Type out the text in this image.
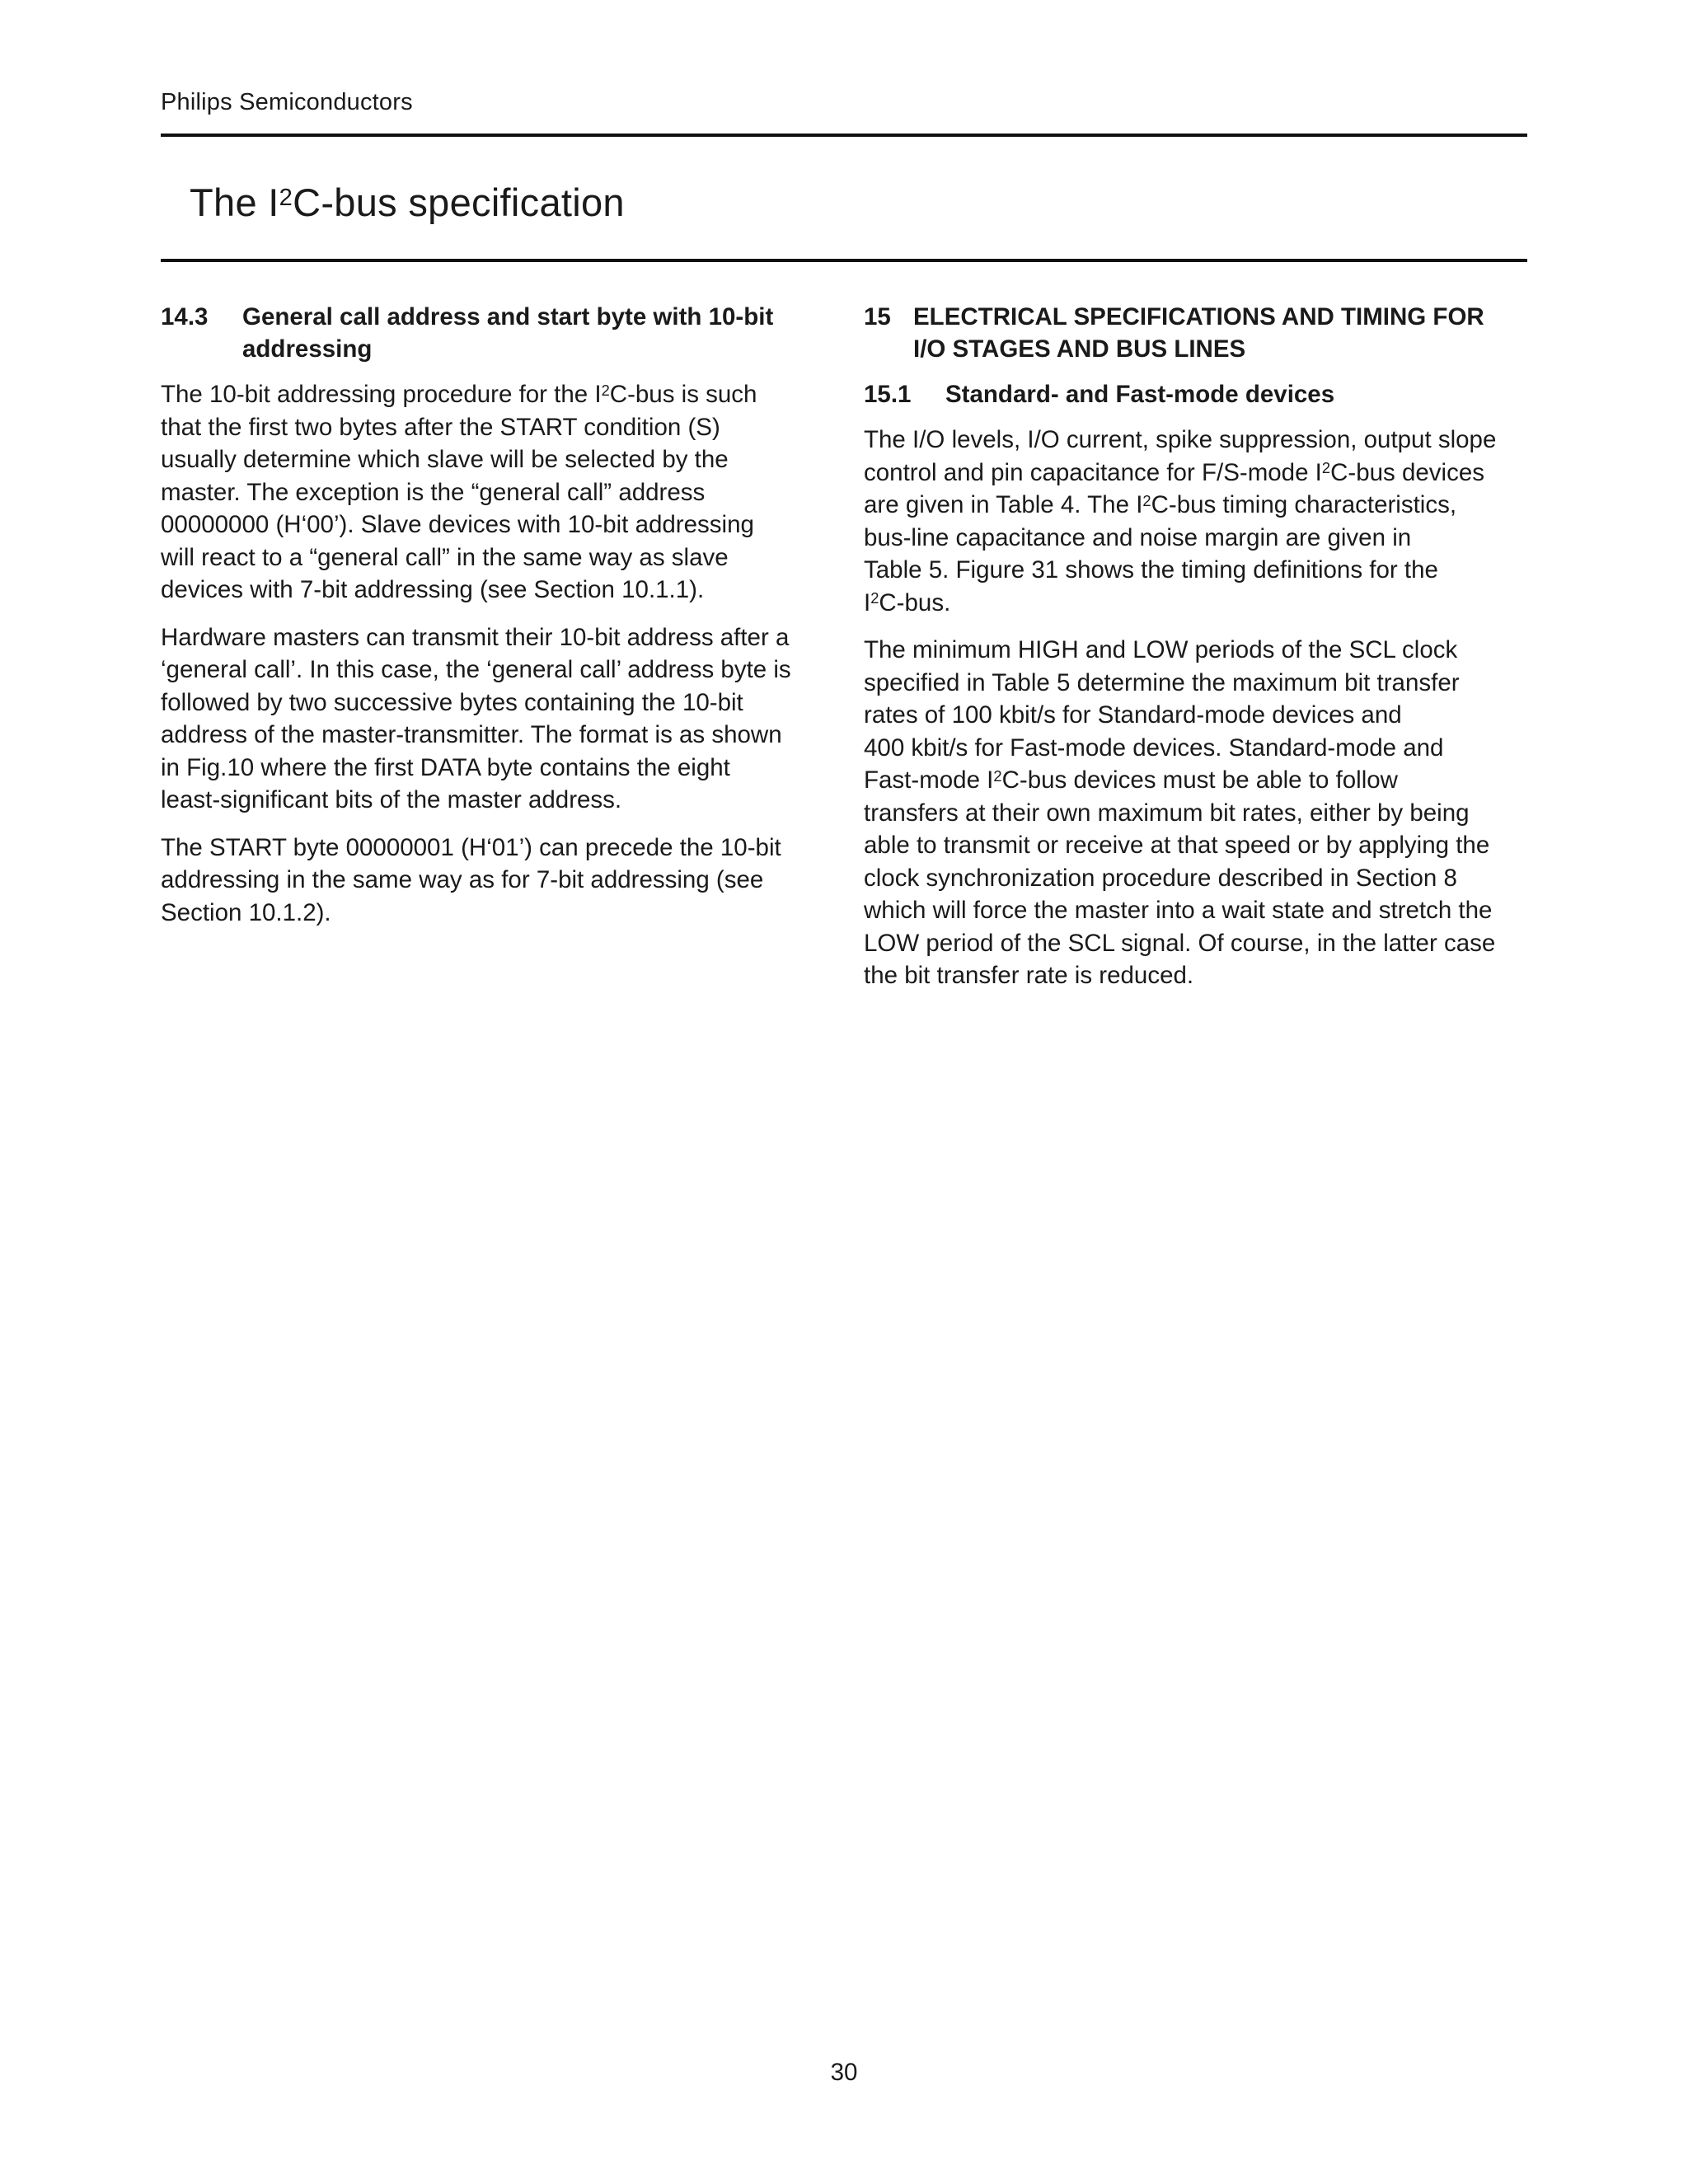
Philips Semiconductors
The $I^2C$-bus specification
14.3	General call address and start byte with 10-bit
addressing
The 10-bit addressing procedure for the $I^2C$-bus is such
that the first two bytes after the START condition (S)
usually determine which slave will be selected by the
master. The exception is the “general call” address
00000000 (H‘00’). Slave devices with 10-bit addressing
will react to a “general call” in the same way as slave
devices with 7-bit addressing (see Section 10.1.1).
Hardware masters can transmit their 10-bit address after a
‘general call’. In this case, the ‘general call’ address byte is
followed by two successive bytes containing the 10-bit
address of the master-transmitter. The format is as shown
in Fig.10 where the first DATA byte contains the eight
least-significant bits of the master address.
The START byte 00000001 (H‘01’) can precede the 10-bit
addressing in the same way as for 7-bit addressing (see
Section 10.1.2).
15 ELECTRICAL SPECIFICATIONS AND TIMING FOR
I/O STAGES AND BUS LINES
15.1	Standard- and Fast-mode devices
The I/O levels, I/O current, spike suppression, output slope
control and pin capacitance for F/S-mode $I^2C$-bus devices
are given in Table 4. The $I^2C$-bus timing characteristics,
bus-line capacitance and noise margin are given in
Table 5. Figure 31 shows the timing definitions for the
$I^2C$-bus.
The minimum HIGH and LOW periods of the SCL clock
specified in Table 5 determine the maximum bit transfer
rates of 100 kbit/s for Standard-mode devices and
400 kbit/s for Fast-mode devices. Standard-mode and
Fast-mode $I^2C$-bus devices must be able to follow
transfers at their own maximum bit rates, either by being
able to transmit or receive at that speed or by applying the
clock synchronization procedure described in Section 8
which will force the master into a wait state and stretch the
LOW period of the SCL signal. Of course, in the latter case
the bit transfer rate is reduced.
30
